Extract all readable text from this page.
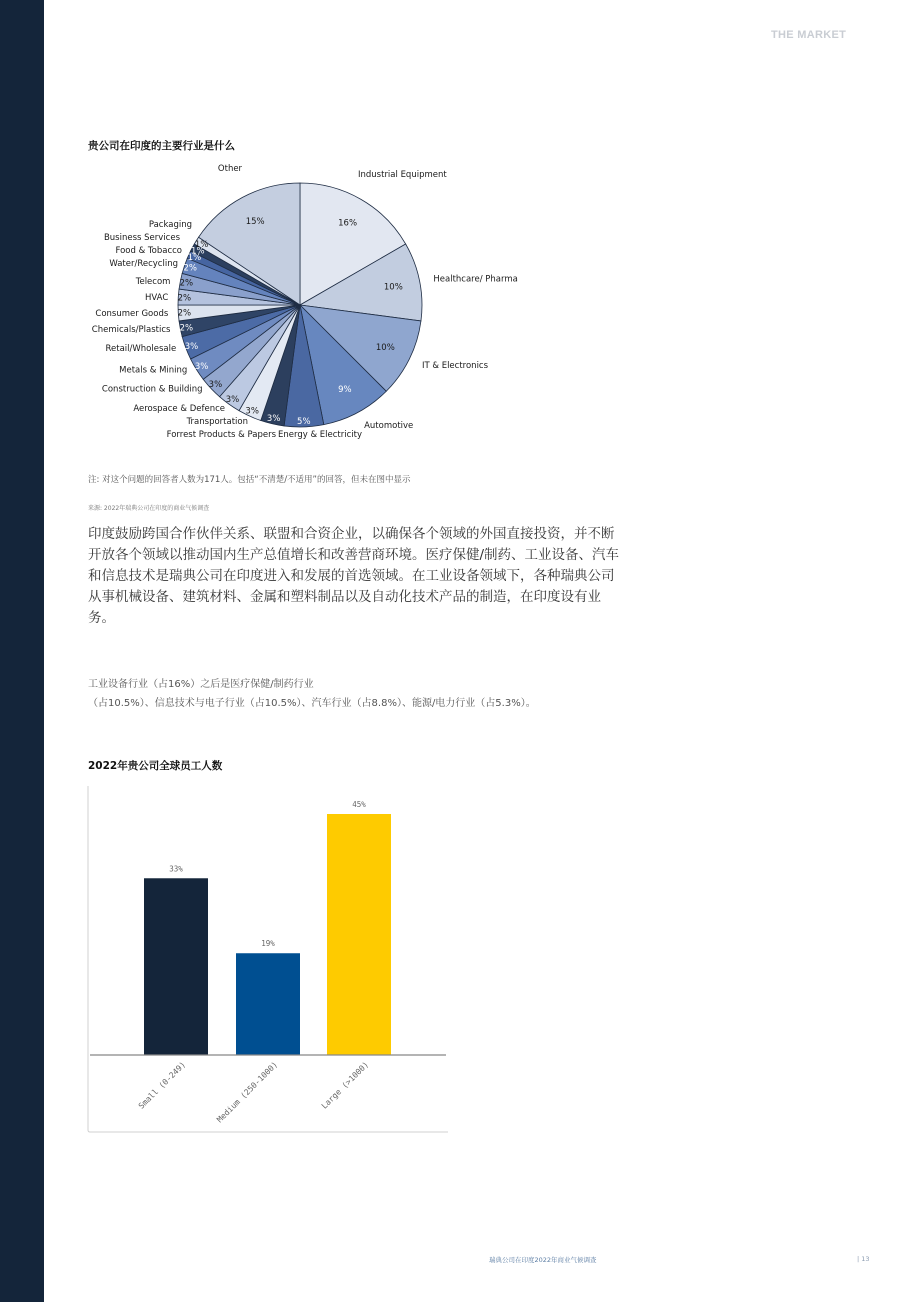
THE MARKET
贵公司在印度的主要行业是什么
16%
10%
10%
9%
5%
3%
3%
3%
3%
3%
3%
2%
2%
2%
2%
2%
1%
1%
1%
15%
Industrial Equipment
Healthcare/ Pharma
IT & Electronics
Automotive
Energy & Electricity
Forrest Products & Papers
Transportation
Aerospace & Defence
Construction & Building
Metals & Mining
Retail/Wholesale
Chemicals/Plastics
Consumer Goods
HVAC
Telecom
Water/Recycling
Food & Tobacco
Business Services
Packaging
Other
注: 对这个问题的回答者人数为171人。包括“不清楚/不适用”的回答，但未在图中显示
来源: 2022年瑞典公司在印度的商业气候调查
印度鼓励跨国合作伙伴关系、联盟和合资企业，以确保各个领域的外国直接投资，并不断开放各个领域以推动国内生产总值增长和改善营商环境。医疗保健/制药、工业设备、汽车和信息技术是瑞典公司在印度进入和发展的首选领域。在工业设备领域下，各种瑞典公司从事机械设备、建筑材料、金属和塑料制品以及自动化技术产品的制造，在印度设有业务。
工业设备行业（占16%）之后是医疗保健/制药行业
（占10.5%）、信息技术与电子行业（占10.5%）、汽车行业（占8.8%）、能源/电力行业（占5.3%）。
2022年贵公司全球员工人数
33%
Small (0-249)
19%
Medium (250-1000)
45%
Large (>1000)
瑞典公司在印度2022年商业气候调查	| 13
